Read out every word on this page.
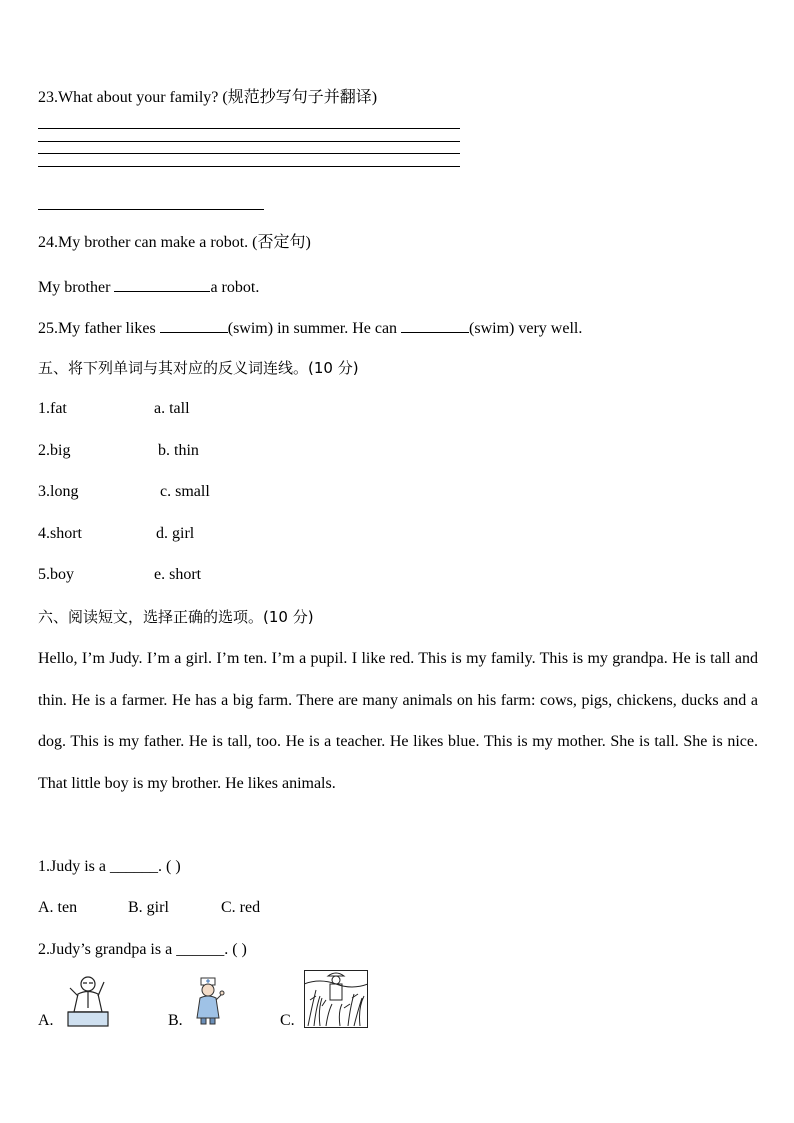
23.What about your family? (规范抄写句子并翻译)
24.My brother can make a robot. (否定句)
My brother	a robot.
25.My father likes	(swim) in summer. He can	(swim) very well.
五、将下列单词与其对应的反义词连线。(10 分)
1.fat	a. tall
2.big	b. thin
3.long	c. small
4.short	d. girl
5.boy	e. short
六、阅读短文，选择正确的选项。(10 分)
Hello, I’m Judy. I’m a girl. I’m ten. I’m a pupil. I like red. This is my family. This is my grandpa. He is tall and thin. He is a farmer. He has a big farm. There are many animals on his farm: cows, pigs, chickens, ducks and a dog. This is my father. He is tall, too. He is a teacher. He likes blue. This is my mother. She is tall. She is nice. That little boy is my brother. He likes animals.
1.Judy is a ______. ( )
A. ten	B. girl	C. red
2.Judy’s grandpa is a ______. ( )
A.	B.	C.
